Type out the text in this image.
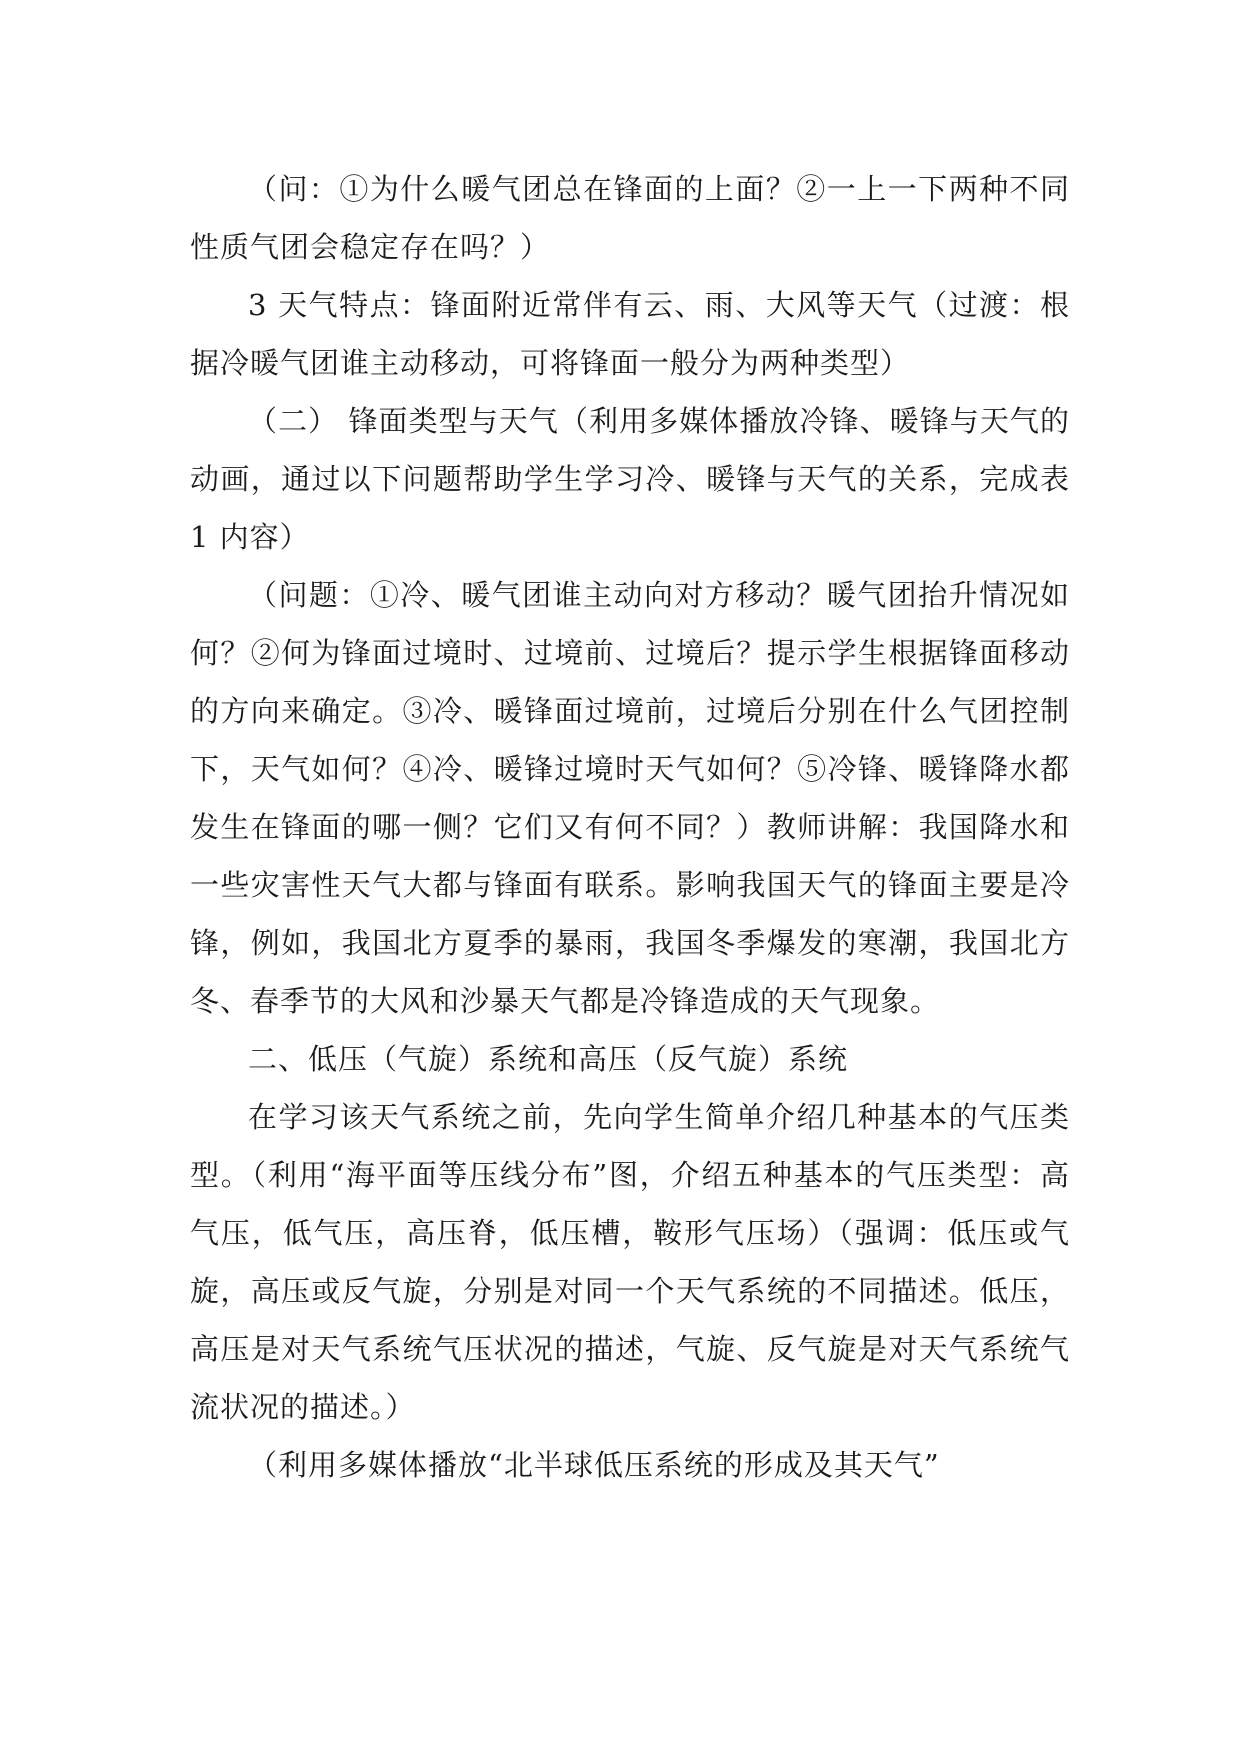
（问：①为什么暖气团总在锋面的上面？②一上一下两种不同性质气团会稳定存在吗？）

3 天气特点：锋面附近常伴有云、雨、大风等天气（过渡：根据冷暖气团谁主动移动，可将锋面一般分为两种类型）

（二） 锋面类型与天气（利用多媒体播放冷锋、暖锋与天气的动画，通过以下问题帮助学生学习冷、暖锋与天气的关系，完成表 1 内容）

（问题：①冷、暖气团谁主动向对方移动？暖气团抬升情况如何？②何为锋面过境时、过境前、过境后？提示学生根据锋面移动的方向来确定。③冷、暖锋面过境前，过境后分别在什么气团控制下，天气如何？④冷、暖锋过境时天气如何？⑤冷锋、暖锋降水都发生在锋面的哪一侧？它们又有何不同？）教师讲解：我国降水和一些灾害性天气大都与锋面有联系。影响我国天气的锋面主要是冷锋，例如，我国北方夏季的暴雨，我国冬季爆发的寒潮，我国北方冬、春季节的大风和沙暴天气都是冷锋造成的天气现象。

二、低压（气旋）系统和高压（反气旋）系统

在学习该天气系统之前，先向学生简单介绍几种基本的气压类型。（利用“海平面等压线分布”图，介绍五种基本的气压类型：高气压，低气压，高压脊，低压槽，鞍形气压场）（强调：低压或气旋，高压或反气旋，分别是对同一个天气系统的不同描述。低压，高压是对天气系统气压状况的描述，气旋、反气旋是对天气系统气流状况的描述。）

（利用多媒体播放“北半球低压系统的形成及其天气”
